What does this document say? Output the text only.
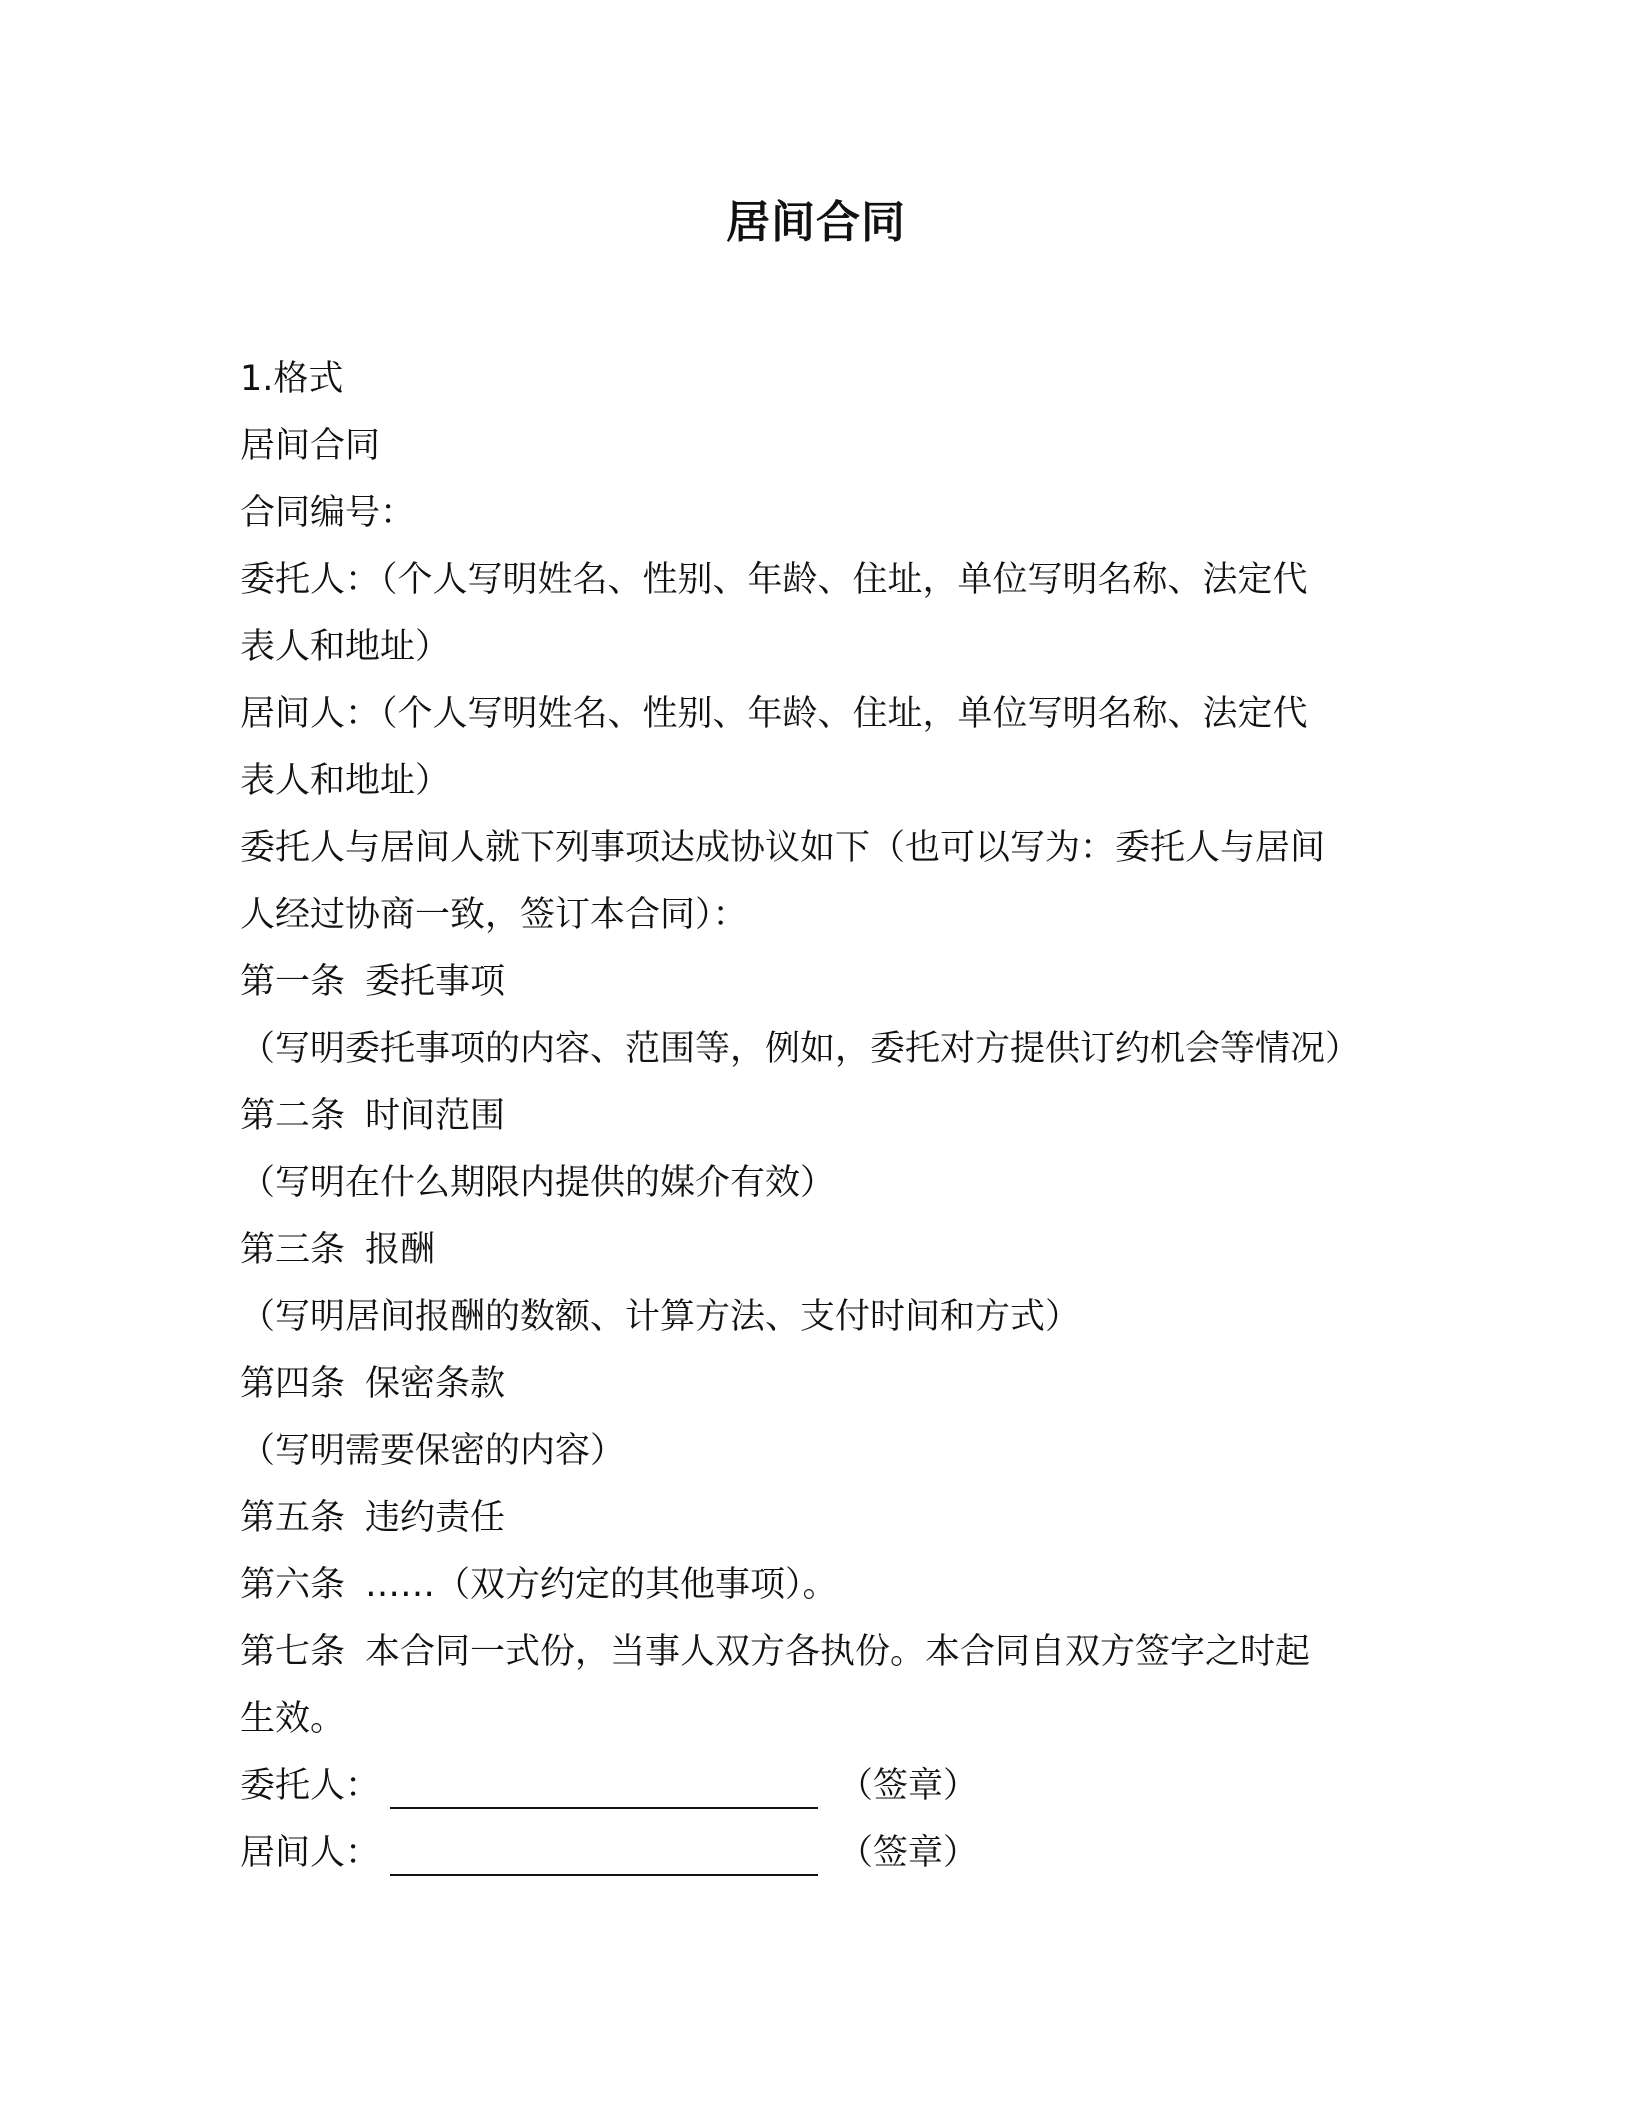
居间合同
1.格式
居间合同
合同编号：
委托人：（个人写明姓名、性别、年龄、住址，单位写明名称、法定代
表人和地址）
居间人：（个人写明姓名、性别、年龄、住址，单位写明名称、法定代
表人和地址）
委托人与居间人就下列事项达成协议如下（也可以写为：委托人与居间
人经过协商一致，签订本合同）：
第一条 委托事项
（写明委托事项的内容、范围等，例如，委托对方提供订约机会等情况）
第二条 时间范围
（写明在什么期限内提供的媒介有效）
第三条 报酬
（写明居间报酬的数额、计算方法、支付时间和方式）
第四条 保密条款
（写明需要保密的内容）
第五条 违约责任
第六条 ……（双方约定的其他事项）。
第七条 本合同一式份，当事人双方各执份。本合同自双方签字之时起
生效。
委托人：	（签章）
居间人：	（签章）
